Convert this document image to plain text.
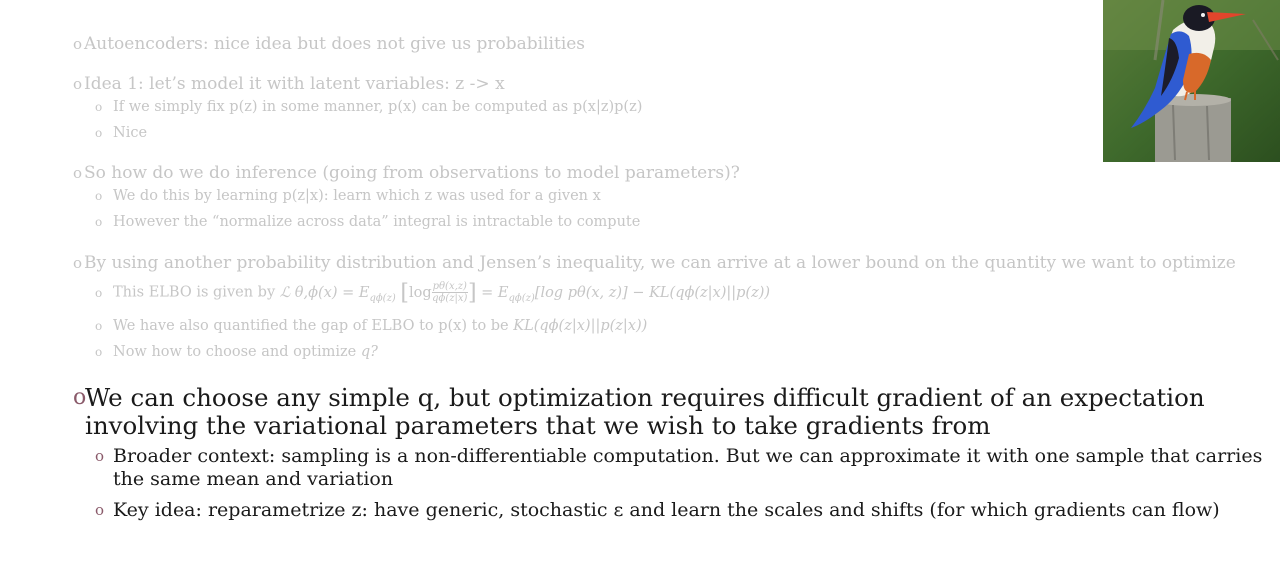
o Autoencoders: nice idea but does not give us probabilities
o Idea 1: let’s model it with latent variables: z -> x
o If we simply fix p(z) in some manner, p(x) can be computed as p(x|z)p(z)
o Nice
o So how do we do inference (going from observations to model parameters)?
o We do this by learning p(z|x): learn which z was used for a given x
o However the “normalize across data” integral is intractable to compute
o By using another probability distribution and Jensen’s inequality, we can arrive at a lower bound on the quantity we want to optimize
o This ELBO is given by ℒ $\theta,\phi(x) = E_{q\phi(z)}$ [$\log \frac{p\theta(x,z)}{q\phi(z|x)}$ ] = $E_{q\phi(z)}[\log$ pθ(x, z)] − KL(qϕ(z|x)||p(z))
o We have also quantified the gap of ELBO to p(x) to be KL(qϕ(z|x)||p(z|x))
o Now how to choose and optimize q?
o
We can choose any simple q, but optimization requires difficult gradient of an expectation involving the variational parameters that we wish to take gradients from
o Broader context: sampling is a non-differentiable computation. But we can approximate it with one sample that carries the same mean and variation
o Key idea: reparametrize z: have generic, stochastic ε and learn the scales and shifts (for which gradients can flow)
